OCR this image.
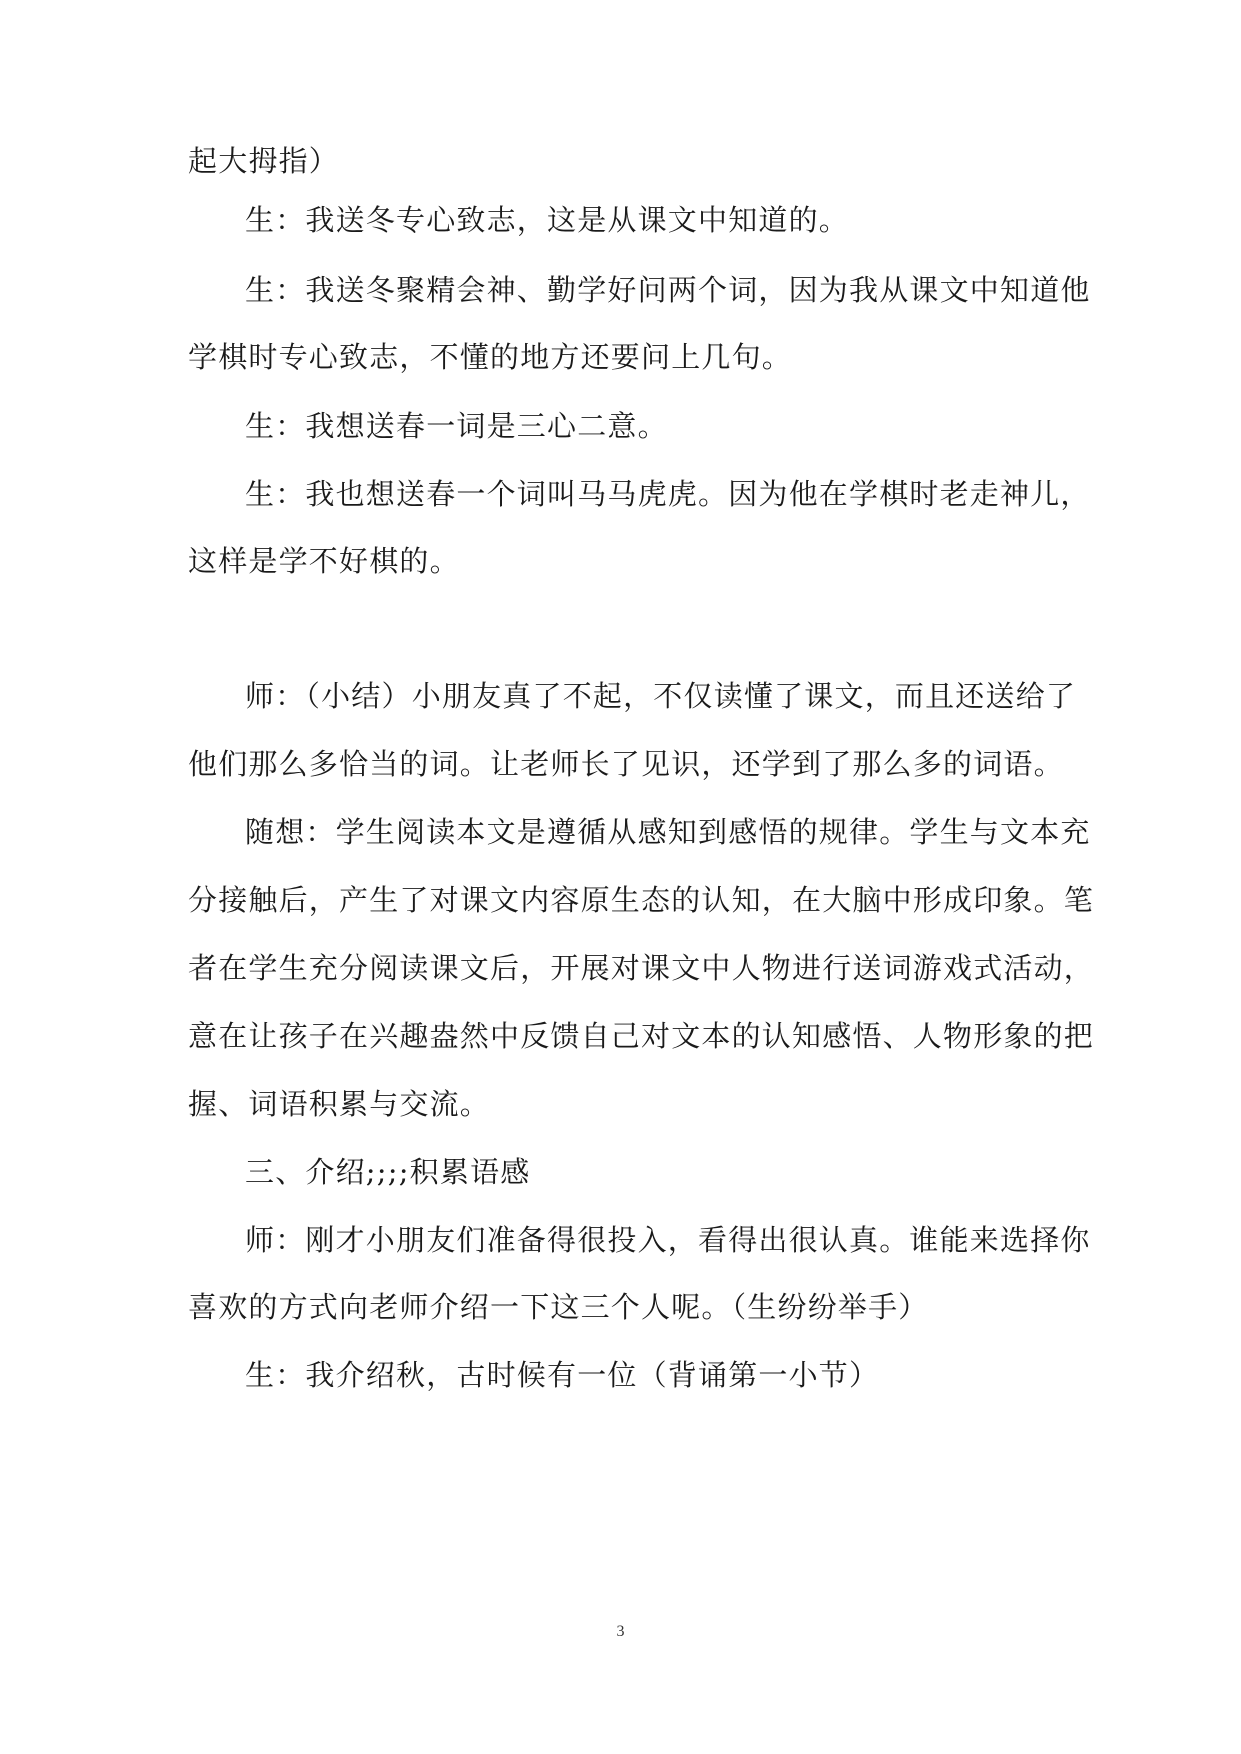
起大拇指）
生：我送冬专心致志，这是从课文中知道的。
生：我送冬聚精会神、勤学好问两个词，因为我从课文中知道他
学棋时专心致志，不懂的地方还要问上几句。
生：我想送春一词是三心二意。
生：我也想送春一个词叫马马虎虎。因为他在学棋时老走神儿，
这样是学不好棋的。
师：（小结）小朋友真了不起，不仅读懂了课文，而且还送给了
他们那么多恰当的词。让老师长了见识，还学到了那么多的词语。
随想：学生阅读本文是遵循从感知到感悟的规律。学生与文本充
分接触后，产生了对课文内容原生态的认知，在大脑中形成印象。笔
者在学生充分阅读课文后，开展对课文中人物进行送词游戏式活动，
意在让孩子在兴趣盎然中反馈自己对文本的认知感悟、人物形象的把
握、词语积累与交流。
三、介绍;;;;积累语感
师：刚才小朋友们准备得很投入，看得出很认真。谁能来选择你
喜欢的方式向老师介绍一下这三个人呢。（生纷纷举手）
生：我介绍秋，古时候有一位（背诵第一小节）
3
